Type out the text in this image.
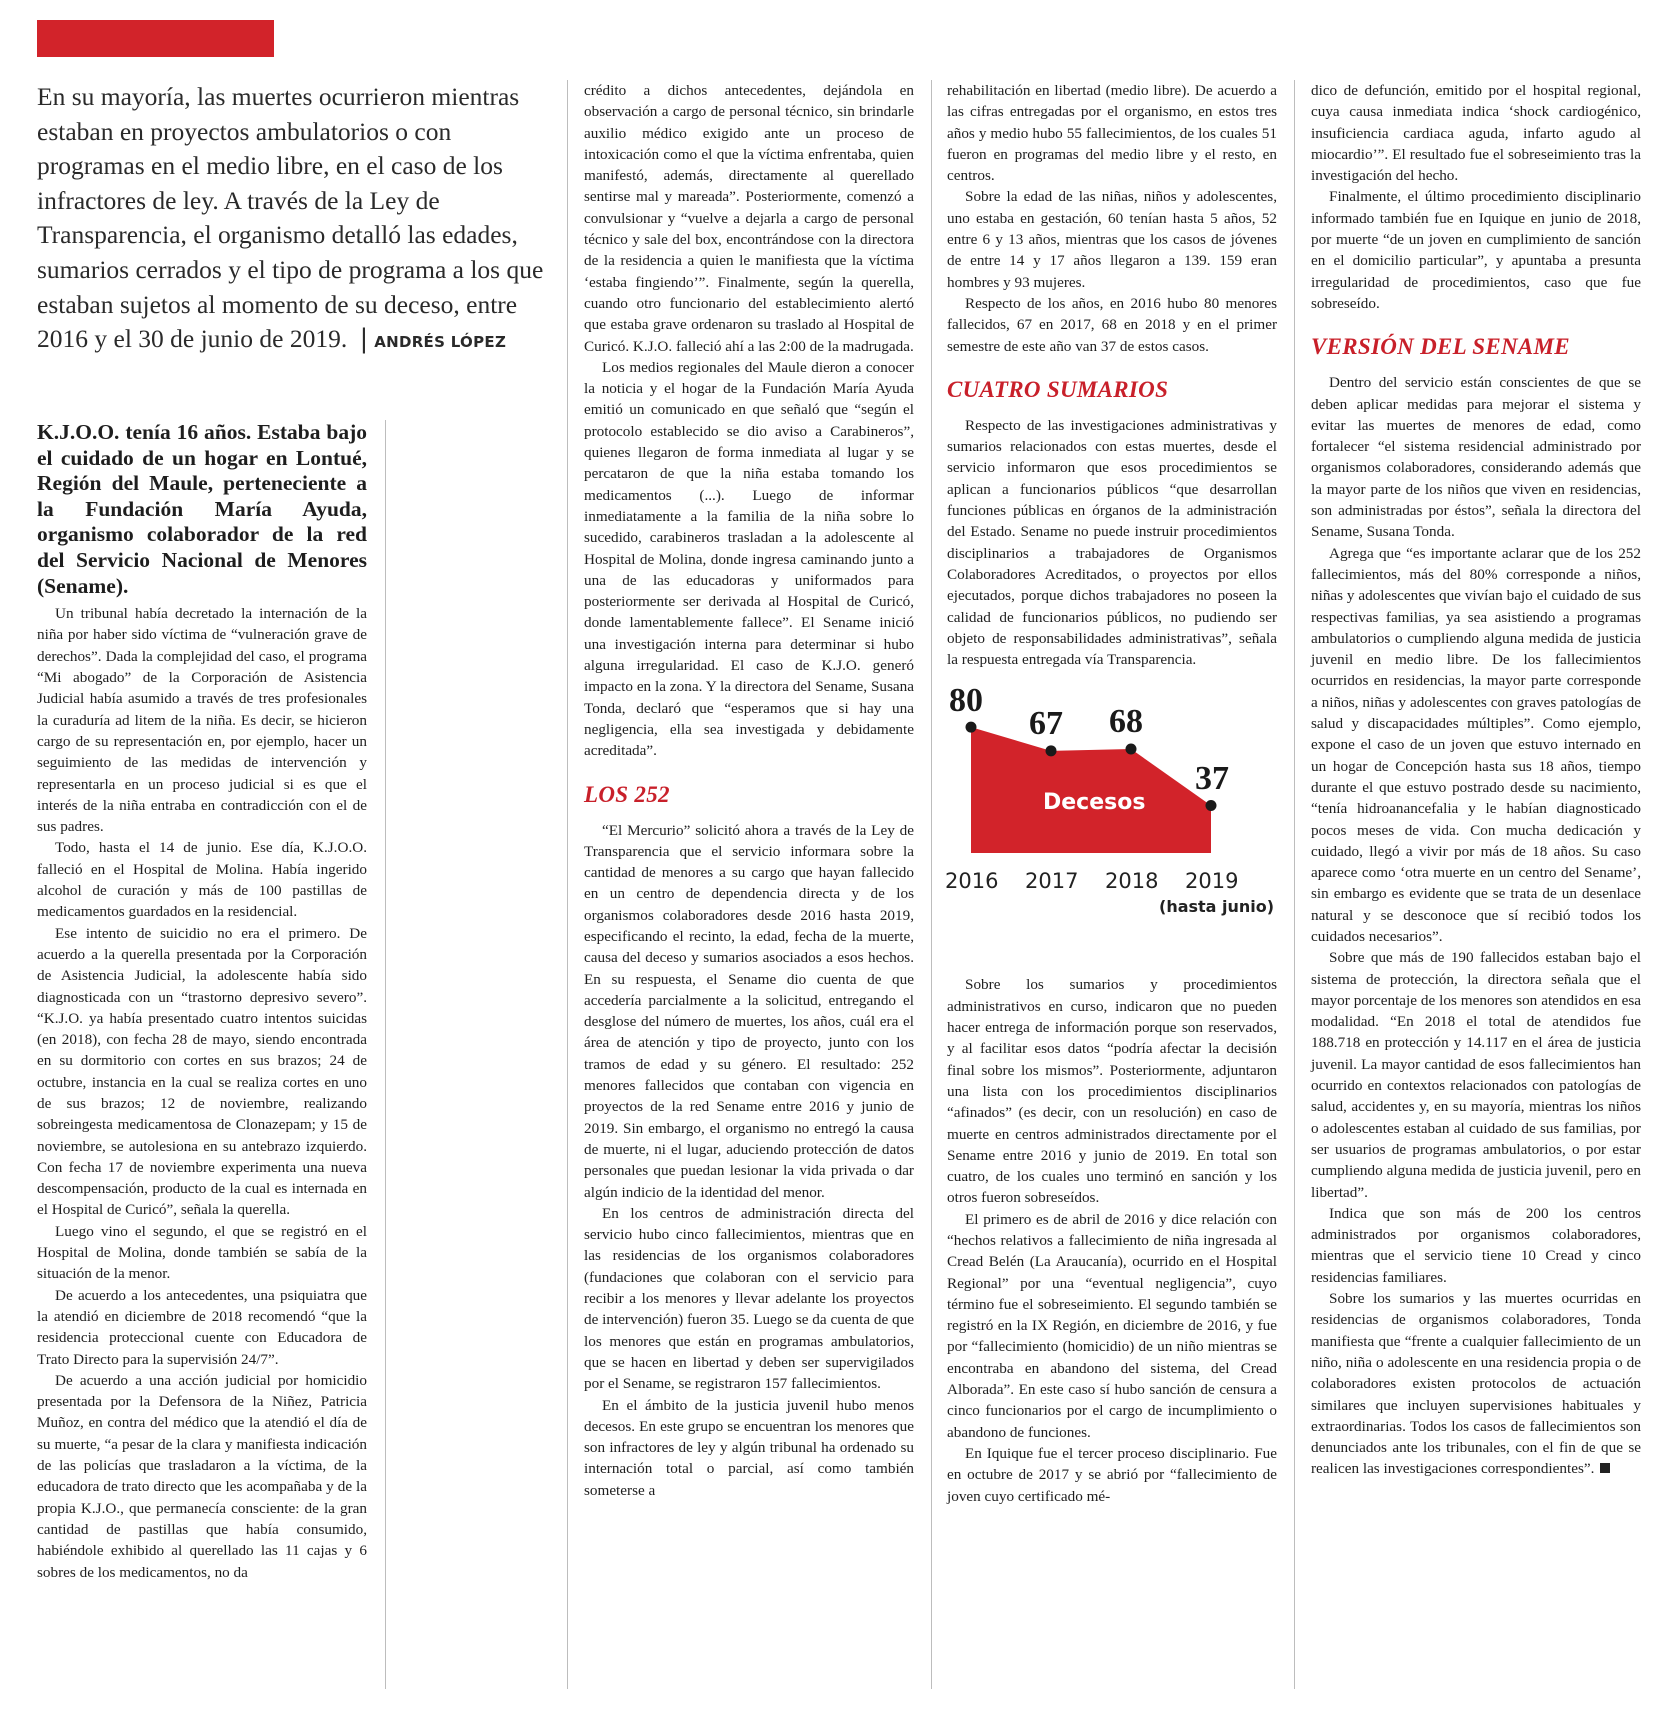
En su mayoría, las muertes ocurrieron mientras estaban en proyectos ambulatorios o con programas en el medio libre, en el caso de los infractores de ley. A través de la Ley de Transparencia, el organismo detalló las edades, sumarios cerrados y el tipo de programa a los que estaban sujetos al momento de su deceso, entre 2016 y el 30 de junio de 2019. | ANDRÉS LÓPEZ

K.J.O.O. tenía 16 años. Estaba bajo el cuidado de un hogar en Lontué, Región del Maule, perteneciente a la Fundación María Ayuda, organismo colaborador de la red del Servicio Nacional de Menores (Sename).

Un tribunal había decretado la internación de la niña por haber sido víctima de “vulneración grave de derechos”. Dada la complejidad del caso, el programa “Mi abogado” de la Corporación de Asistencia Judicial había asumido a través de tres profesionales la curaduría ad litem de la niña. Es decir, se hicieron cargo de su representación en, por ejemplo, hacer un seguimiento de las medidas de intervención y representarla en un proceso judicial si es que el interés de la niña entraba en contradicción con el de sus padres.

Todo, hasta el 14 de junio. Ese día, K.J.O.O. falleció en el Hospital de Molina. Había ingerido alcohol de curación y más de 100 pastillas de medicamentos guardados en la residencial.

Ese intento de suicidio no era el primero. De acuerdo a la querella presentada por la Corporación de Asistencia Judicial, la adolescente había sido diagnosticada con un “trastorno depresivo severo”. “K.J.O. ya había presentado cuatro intentos suicidas (en 2018), con fecha 28 de mayo, siendo encontrada en su dormitorio con cortes en sus brazos; 24 de octubre, instancia en la cual se realiza cortes en uno de sus brazos; 12 de noviembre, realizando sobreingesta medicamentosa de Clonazepam; y 15 de noviembre, se autolesiona en su antebrazo izquierdo. Con fecha 17 de noviembre experimenta una nueva descompensación, producto de la cual es internada en el Hospital de Curicó”, señala la querella.

Luego vino el segundo, el que se registró en el Hospital de Molina, donde también se sabía de la situación de la menor.

De acuerdo a los antecedentes, una psiquiatra que la atendió en diciembre de 2018 recomendó “que la residencia proteccional cuente con Educadora de Trato Directo para la supervisión 24/7”.

De acuerdo a una acción judicial por homicidio presentada por la Defensora de la Niñez, Patricia Muñoz, en contra del médico que la atendió el día de su muerte, “a pesar de la clara y manifiesta indicación de las policías que trasladaron a la víctima, de la educadora de trato directo que les acompañaba y de la propia K.J.O., que permanecía consciente: de la gran cantidad de pastillas que había consumido, habiéndole exhibido al querellado las 11 cajas y 6 sobres de los medicamentos, no da

crédito a dichos antecedentes, dejándola en observación a cargo de personal técnico, sin brindarle auxilio médico exigido ante un proceso de intoxicación como el que la víctima enfrentaba, quien manifestó, además, directamente al querellado sentirse mal y mareada”. Posteriormente, comenzó a convulsionar y “vuelve a dejarla a cargo de personal técnico y sale del box, encontrándose con la directora de la residencia a quien le manifiesta que la víctima ‘estaba fingiendo’”. Finalmente, según la querella, cuando otro funcionario del establecimiento alertó que estaba grave ordenaron su traslado al Hospital de Curicó. K.J.O. falleció ahí a las 2:00 de la madrugada.

Los medios regionales del Maule dieron a conocer la noticia y el hogar de la Fundación María Ayuda emitió un comunicado en que señaló que “según el protocolo establecido se dio aviso a Carabineros”, quienes llegaron de forma inmediata al lugar y se percataron de que la niña estaba tomando los medicamentos (...). Luego de informar inmediatamente a la familia de la niña sobre lo sucedido, carabineros trasladan a la adolescente al Hospital de Molina, donde ingresa caminando junto a una de las educadoras y uniformados para posteriormente ser derivada al Hospital de Curicó, donde lamentablemente fallece”. El Sename inició una investigación interna para determinar si hubo alguna irregularidad. El caso de K.J.O. generó impacto en la zona. Y la directora del Sename, Susana Tonda, declaró que “esperamos que si hay una negligencia, ella sea investigada y debidamente acreditada”.

LOS 252

“El Mercurio” solicitó ahora a través de la Ley de Transparencia que el servicio informara sobre la cantidad de menores a su cargo que hayan fallecido en un centro de dependencia directa y de los organismos colaboradores desde 2016 hasta 2019, especificando el recinto, la edad, fecha de la muerte, causa del deceso y sumarios asociados a esos hechos. En su respuesta, el Sename dio cuenta de que accedería parcialmente a la solicitud, entregando el desglose del número de muertes, los años, cuál era el área de atención y tipo de proyecto, junto con los tramos de edad y su género. El resultado: 252 menores fallecidos que contaban con vigencia en proyectos de la red Sename entre 2016 y junio de 2019. Sin embargo, el organismo no entregó la causa de muerte, ni el lugar, aduciendo protección de datos personales que puedan lesionar la vida privada o dar algún indicio de la identidad del menor.

En los centros de administración directa del servicio hubo cinco fallecimientos, mientras que en las residencias de los organismos colaboradores (fundaciones que colaboran con el servicio para recibir a los menores y llevar adelante los proyectos de intervención) fueron 35. Luego se da cuenta de que los menores que están en programas ambulatorios, que se hacen en libertad y deben ser supervigilados por el Sename, se registraron 157 fallecimientos.

En el ámbito de la justicia juvenil hubo menos decesos. En este grupo se encuentran los menores que son infractores de ley y algún tribunal ha ordenado su internación total o parcial, así como también someterse a

rehabilitación en libertad (medio libre). De acuerdo a las cifras entregadas por el organismo, en estos tres años y medio hubo 55 fallecimientos, de los cuales 51 fueron en programas del medio libre y el resto, en centros.

Sobre la edad de las niñas, niños y adolescentes, uno estaba en gestación, 60 tenían hasta 5 años, 52 entre 6 y 13 años, mientras que los casos de jóvenes de entre 14 y 17 años llegaron a 139. 159 eran hombres y 93 mujeres.

Respecto de los años, en 2016 hubo 80 menores fallecidos, 67 en 2017, 68 en 2018 y en el primer semestre de este año van 37 de estos casos.

CUATRO SUMARIOS

Respecto de las investigaciones administrativas y sumarios relacionados con estas muertes, desde el servicio informaron que esos procedimientos se aplican a funcionarios públicos “que desarrollan funciones públicas en órganos de la administración del Estado. Sename no puede instruir procedimientos disciplinarios a trabajadores de Organismos Colaboradores Acreditados, o proyectos por ellos ejecutados, porque dichos trabajadores no poseen la calidad de funcionarios públicos, no pudiendo ser objeto de responsabilidades administrativas”, señala la respuesta entregada vía Transparencia.

80
2016
67
2017
68
2018
37
2019
Decesos
(hasta junio)

Sobre los sumarios y procedimientos administrativos en curso, indicaron que no pueden hacer entrega de información porque son reservados, y al facilitar esos datos “podría afectar la decisión final sobre los mismos”. Posteriormente, adjuntaron una lista con los procedimientos disciplinarios “afinados” (es decir, con un resolución) en caso de muerte en centros administrados directamente por el Sename entre 2016 y junio de 2019. En total son cuatro, de los cuales uno terminó en sanción y los otros fueron sobreseídos.

El primero es de abril de 2016 y dice relación con “hechos relativos a fallecimiento de niña ingresada al Cread Belén (La Araucanía), ocurrido en el Hospital Regional” por una “eventual negligencia”, cuyo término fue el sobreseimiento. El segundo también se registró en la IX Región, en diciembre de 2016, y fue por “fallecimiento (homicidio) de un niño mientras se encontraba en abandono del sistema, del Cread Alborada”. En este caso sí hubo sanción de censura a cinco funcionarios por el cargo de incumplimiento o abandono de funciones.

En Iquique fue el tercer proceso disciplinario. Fue en octubre de 2017 y se abrió por “fallecimiento de joven cuyo certificado mé-

dico de defunción, emitido por el hospital regional, cuya causa inmediata indica ‘shock cardiogénico, insuficiencia cardiaca aguda, infarto agudo al miocardio’”. El resultado fue el sobreseimiento tras la investigación del hecho.

Finalmente, el último procedimiento disciplinario informado también fue en Iquique en junio de 2018, por muerte “de un joven en cumplimiento de sanción en el domicilio particular”, y apuntaba a presunta irregularidad de procedimientos, caso que fue sobreseído.

VERSIÓN DEL SENAME

Dentro del servicio están conscientes de que se deben aplicar medidas para mejorar el sistema y evitar las muertes de menores de edad, como fortalecer “el sistema residencial administrado por organismos colaboradores, considerando además que la mayor parte de los niños que viven en residencias, son administradas por éstos”, señala la directora del Sename, Susana Tonda.

Agrega que “es importante aclarar que de los 252 fallecimientos, más del 80% corresponde a niños, niñas y adolescentes que vivían bajo el cuidado de sus respectivas familias, ya sea asistiendo a programas ambulatorios o cumpliendo alguna medida de justicia juvenil en medio libre. De los fallecimientos ocurridos en residencias, la mayor parte corresponde a niños, niñas y adolescentes con graves patologías de salud y discapacidades múltiples”. Como ejemplo, expone el caso de un joven que estuvo internado en un hogar de Concepción hasta sus 18 años, tiempo durante el que estuvo postrado desde su nacimiento, “tenía hidroanancefalia y le habían diagnosticado pocos meses de vida. Con mucha dedicación y cuidado, llegó a vivir por más de 18 años. Su caso aparece como ‘otra muerte en un centro del Sename’, sin embargo es evidente que se trata de un desenlace natural y se desconoce que sí recibió todos los cuidados necesarios”.

Sobre que más de 190 fallecidos estaban bajo el sistema de protección, la directora señala que el mayor porcentaje de los menores son atendidos en esa modalidad. “En 2018 el total de atendidos fue 188.718 en protección y 14.117 en el área de justicia juvenil. La mayor cantidad de esos fallecimientos han ocurrido en contextos relacionados con patologías de salud, accidentes y, en su mayoría, mientras los niños o adolescentes estaban al cuidado de sus familias, por ser usuarios de programas ambulatorios, o por estar cumpliendo alguna medida de justicia juvenil, pero en libertad”.

Indica que son más de 200 los centros administrados por organismos colaboradores, mientras que el servicio tiene 10 Cread y cinco residencias familiares.

Sobre los sumarios y las muertes ocurridas en residencias de organismos colaboradores, Tonda manifiesta que “frente a cualquier fallecimiento de un niño, niña o adolescente en una residencia propia o de colaboradores existen protocolos de actuación similares que incluyen supervisiones habituales y extraordinarias. Todos los casos de fallecimientos son denunciados ante los tribunales, con el fin de que se realicen las investigaciones correspondientes”.
